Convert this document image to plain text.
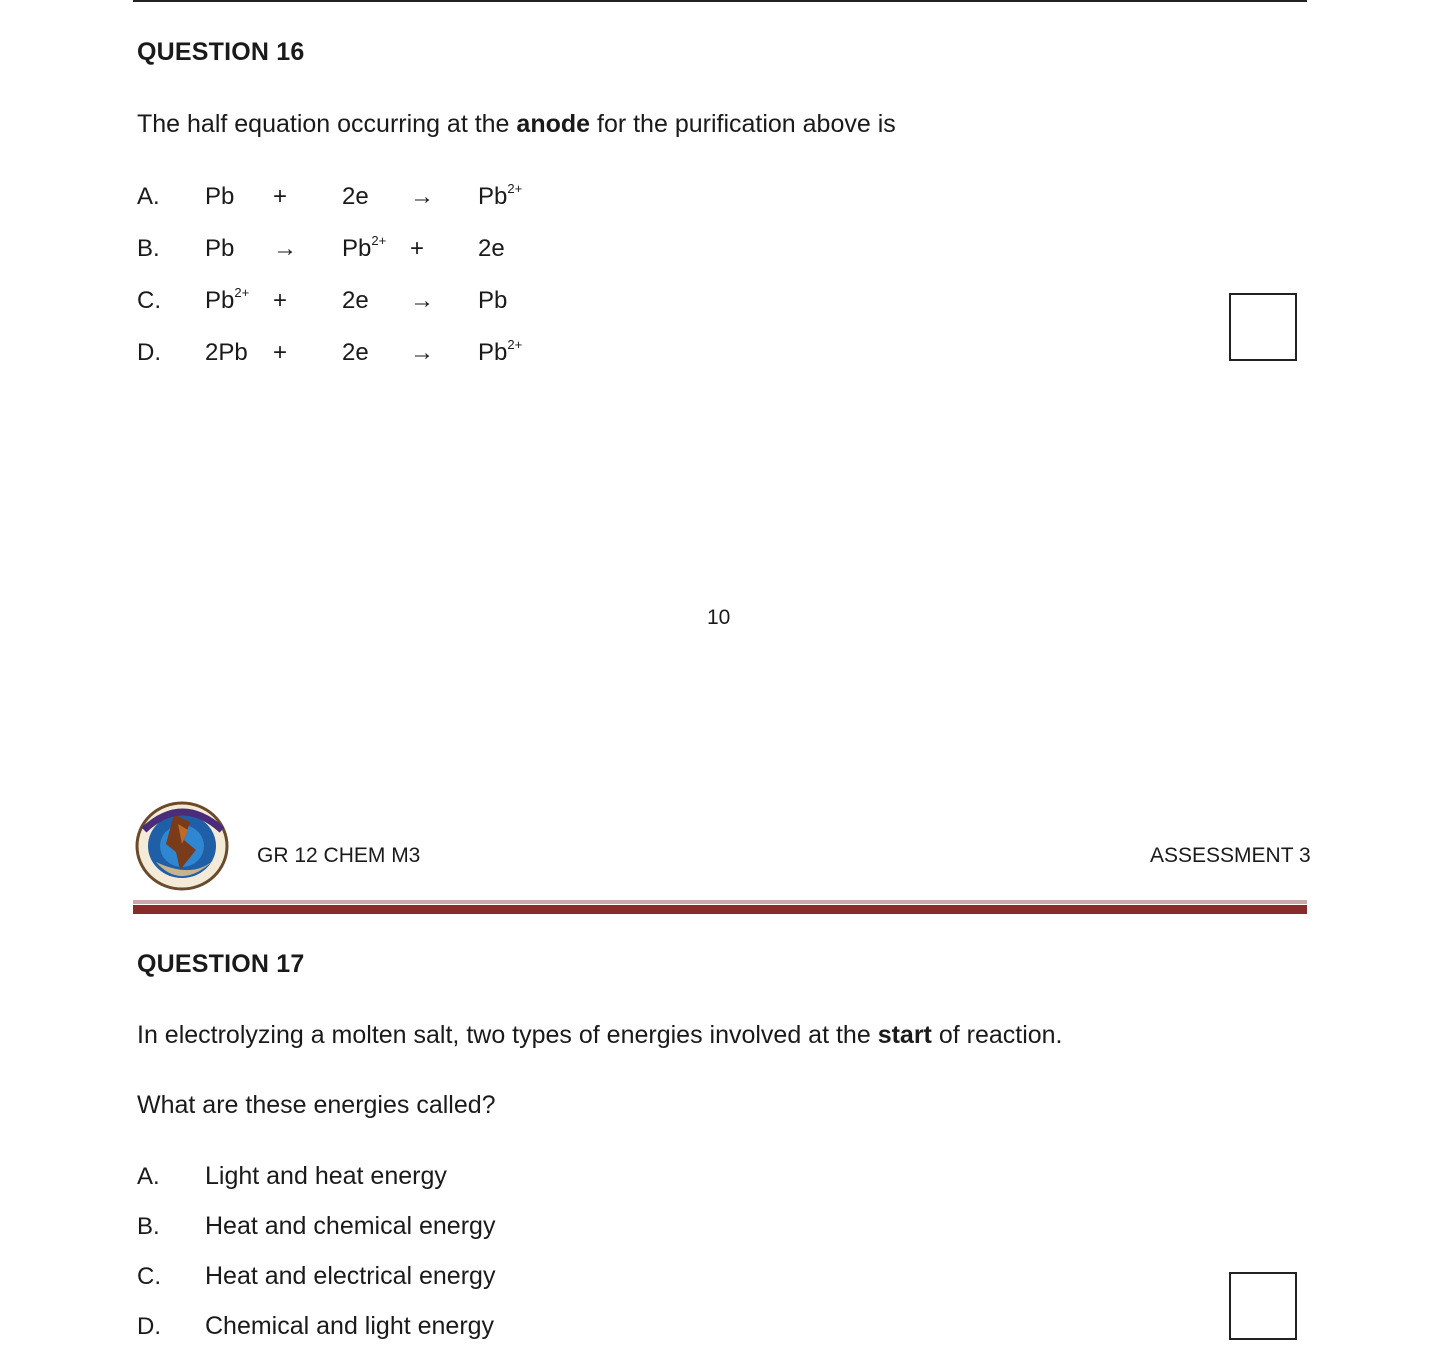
QUESTION 16
The half equation occurring at the anode for the purification above is
A. $Pb + 2e \to Pb^{2+}$
B. $Pb \to Pb^{2+} + 2e$
C. $Pb^{2+} + 2e \to Pb$
D. $2Pb + 2e \to Pb^{2+}$
10
GR 12 CHEM M3	ASSESSMENT 3
QUESTION 17
In electrolyzing a molten salt, two types of energies involved at the start of reaction.
What are these energies called?
A. Light and heat energy
B. Heat and chemical energy
C. Heat and electrical energy
D. Chemical and light energy
